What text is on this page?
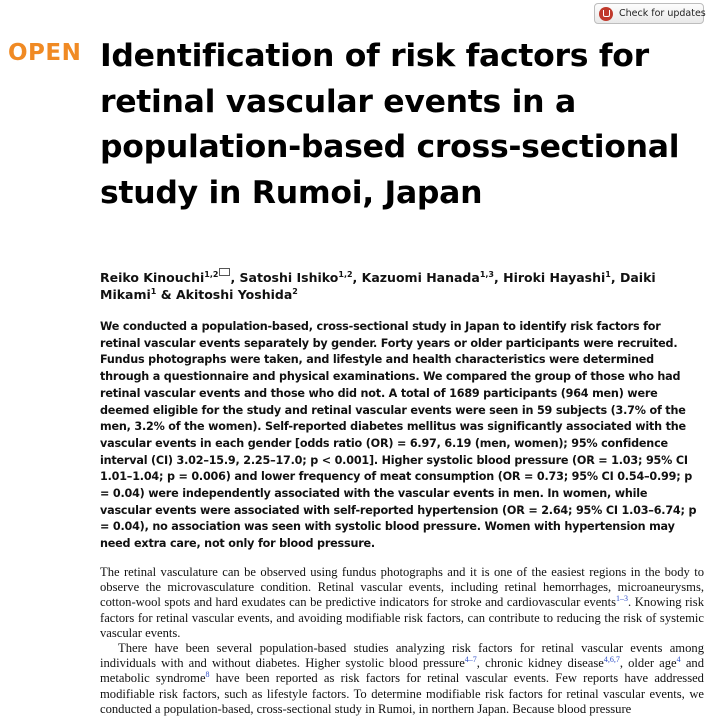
OPEN
Check for updates
Identification of risk factors for retinal vascular events in a population-based cross-sectional study in Rumoi, Japan

Reiko Kinouchi$^{1,2}$ , Satoshi Ishiko$^{1,2}$, Kazuomi Hanada$^{1,3}$, Hiroki Hayashi$^1$, Daiki Mikami$^1$ & Akitoshi Yoshida$^2$

We conducted a population-based, cross-sectional study in Japan to identify risk factors for retinal vascular events separately by gender. Forty years or older participants were recruited. Fundus photographs were taken, and lifestyle and health characteristics were determined through a questionnaire and physical examinations. We compared the group of those who had retinal vascular events and those who did not. A total of 1689 participants (964 men) were deemed eligible for the study and retinal vascular events were seen in 59 subjects (3.7% of the men, 3.2% of the women). Self-reported diabetes mellitus was significantly associated with the vascular events in each gender [odds ratio (OR) = 6.97, 6.19 (men, women); 95% confidence interval (CI) 3.02–15.9, 2.25–17.0; p < 0.001]. Higher systolic blood pressure (OR = 1.03; 95% CI 1.01–1.04; p = 0.006) and lower frequency of meat consumption (OR = 0.73; 95% CI 0.54–0.99; p = 0.04) were independently associated with the vascular events in men. In women, while vascular events were associated with self-reported hypertension (OR = 2.64; 95% CI 1.03–6.74; p = 0.04), no association was seen with systolic blood pressure. Women with hypertension may need extra care, not only for blood pressure.

The retinal vasculature can be observed using fundus photographs and it is one of the easiest regions in the body to observe the microvasculature condition. Retinal vascular events, including retinal hemorrhages, microaneurysms, cotton-wool spots and hard exudates can be predictive indicators for stroke and cardiovascular events$^{1-3}$. Knowing risk factors for retinal vascular events, and avoiding modifiable risk factors, can contribute to reducing the risk of systemic vascular events.

There have been several population-based studies analyzing risk factors for retinal vascular events among individuals with and without diabetes. Higher systolic blood pressure$^{4-7}$, chronic kidney disease$^{4,6,7}$, older age$^4$ and metabolic syndrome$^8$ have been reported as risk factors for retinal vascular events. Few reports have addressed modifiable risk factors, such as lifestyle factors. To determine modifiable risk factors for retinal vascular events, we conducted a population-based, cross-sectional study in Rumoi, in northern Japan. Because blood pressure
